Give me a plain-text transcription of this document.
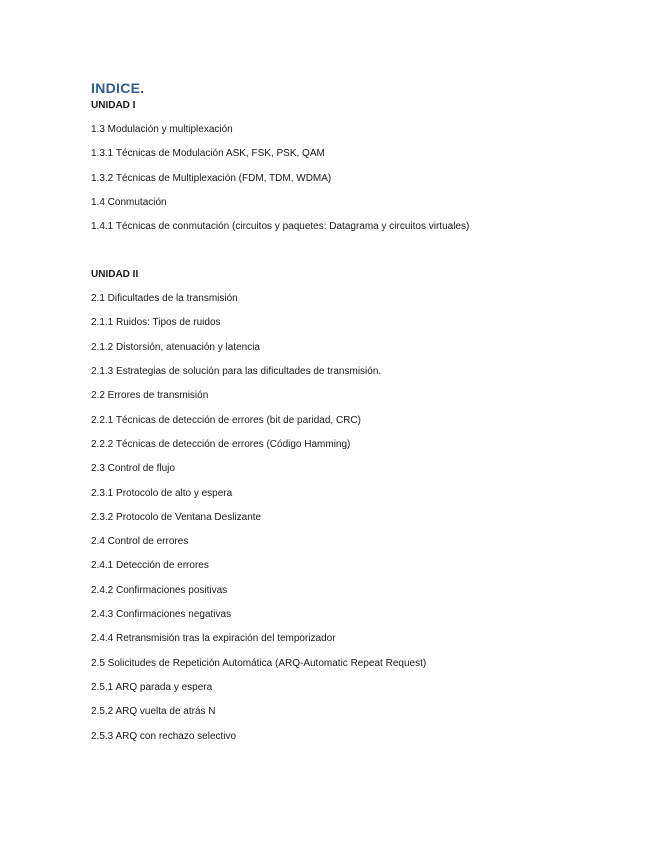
INDICE.
UNIDAD I
1.3 Modulación y multiplexación
1.3.1 Técnicas de Modulación ASK, FSK, PSK, QAM
1.3.2 Técnicas de Multiplexación (FDM, TDM, WDMA)
1.4 Conmutación
1.4.1 Técnicas de conmutación (circuitos y paquetes: Datagrama y circuitos virtuales)
UNIDAD II
2.1 Dificultades de la transmisión
2.1.1 Ruidos: Tipos de ruidos
2.1.2 Distorsión, atenuación y latencia
2.1.3 Estrategias de solución para las dificultades de transmisión.
2.2 Errores de transmisión
2.2.1 Técnicas de detección de errores (bit de paridad, CRC)
2.2.2 Técnicas de detección de errores (Código Hamming)
2.3 Control de flujo
2.3.1 Protocolo de alto y espera
2.3.2 Protocolo de Ventana Deslizante
2.4 Control de errores
2.4.1 Detección de errores
2.4.2 Confirmaciones positivas
2.4.3 Confirmaciones negativas
2.4.4 Retransmisión tras la expiración del temporizador
2.5 Solicitudes de Repetición Automática (ARQ-Automatic Repeat Request)
2.5.1 ARQ parada y espera
2.5.2 ARQ vuelta de atrás N
2.5.3 ARQ con rechazo selectivo
